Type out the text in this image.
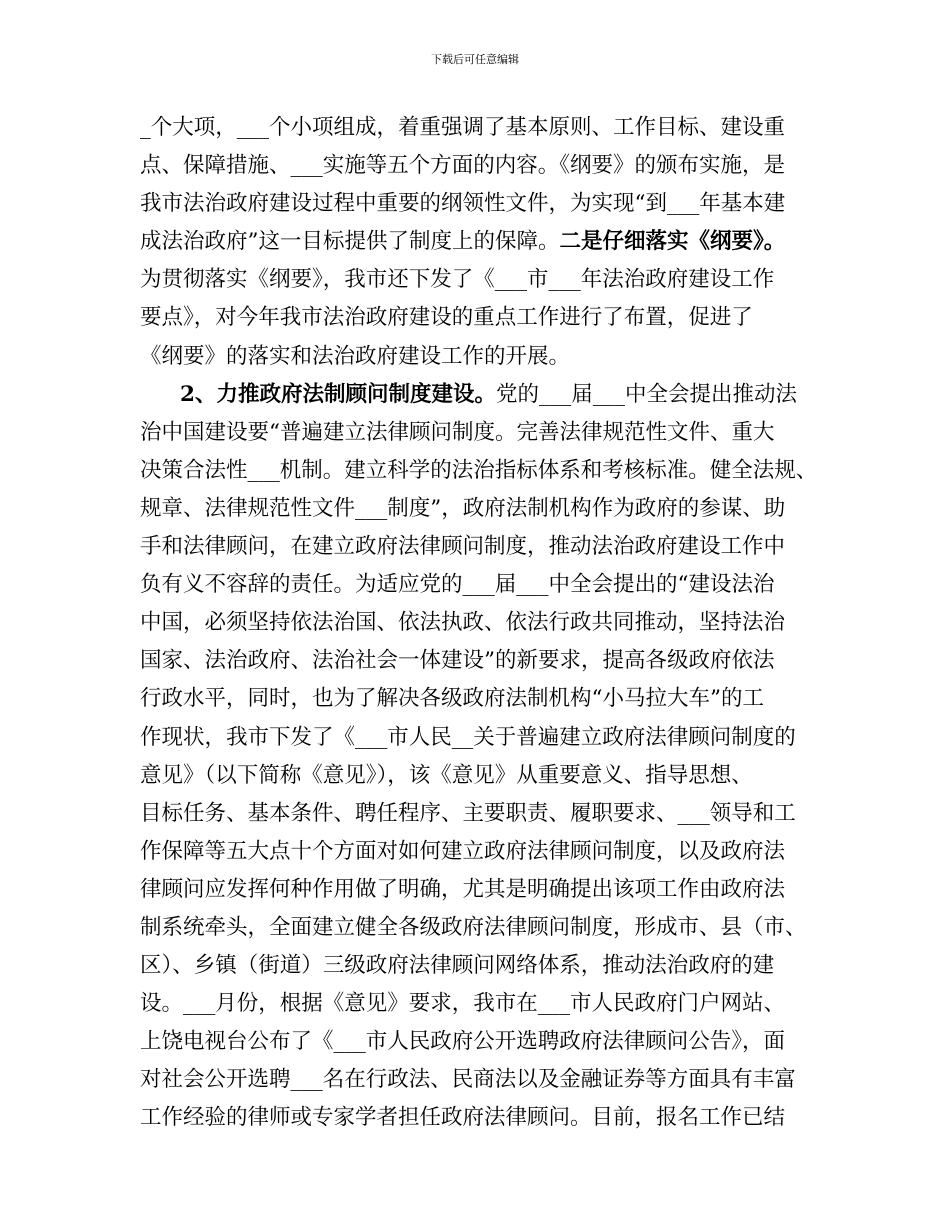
下载后可任意编辑
_个大项，___个小项组成，着重强调了基本原则、工作目标、建设重
点、保障措施、___实施等五个方面的内容。《纲要》的颁布实施，是
我市法治政府建设过程中重要的纲领性文件，为实现“到___年基本建
成法治政府”这一目标提供了制度上的保障。二是仔细落实《纲要》。
为贯彻落实《纲要》，我市还下发了《___市___年法治政府建设工作
要点》，对今年我市法治政府建设的重点工作进行了布置，促进了
《纲要》的落实和法治政府建设工作的开展。
2、力推政府法制顾问制度建设。党的___届___中全会提出推动法
治中国建设要“普遍建立法律顾问制度。完善法律规范性文件、重大
决策合法性___机制。建立科学的法治指标体系和考核标准。健全法规、
规章、法律规范性文件___制度”，政府法制机构作为政府的参谋、助
手和法律顾问，在建立政府法律顾问制度，推动法治政府建设工作中
负有义不容辞的责任。为适应党的___届___中全会提出的“建设法治
中国，必须坚持依法治国、依法执政、依法行政共同推动，坚持法治
国家、法治政府、法治社会一体建设”的新要求，提高各级政府依法
行政水平，同时，也为了解决各级政府法制机构“小马拉大车”的工
作现状，我市下发了《___市人民__关于普遍建立政府法律顾问制度的
意见》（以下简称《意见》），该《意见》从重要意义、指导思想、
目标任务、基本条件、聘任程序、主要职责、履职要求、___领导和工
作保障等五大点十个方面对如何建立政府法律顾问制度，以及政府法
律顾问应发挥何种作用做了明确，尤其是明确提出该项工作由政府法
制系统牵头，全面建立健全各级政府法律顾问制度，形成市、县（市、
区）、乡镇（街道）三级政府法律顾问网络体系，推动法治政府的建
设。___月份，根据《意见》要求，我市在___市人民政府门户网站、
上饶电视台公布了《___市人民政府公开选聘政府法律顾问公告》，面
对社会公开选聘___名在行政法、民商法以及金融证券等方面具有丰富
工作经验的律师或专家学者担任政府法律顾问。目前，报名工作已结
